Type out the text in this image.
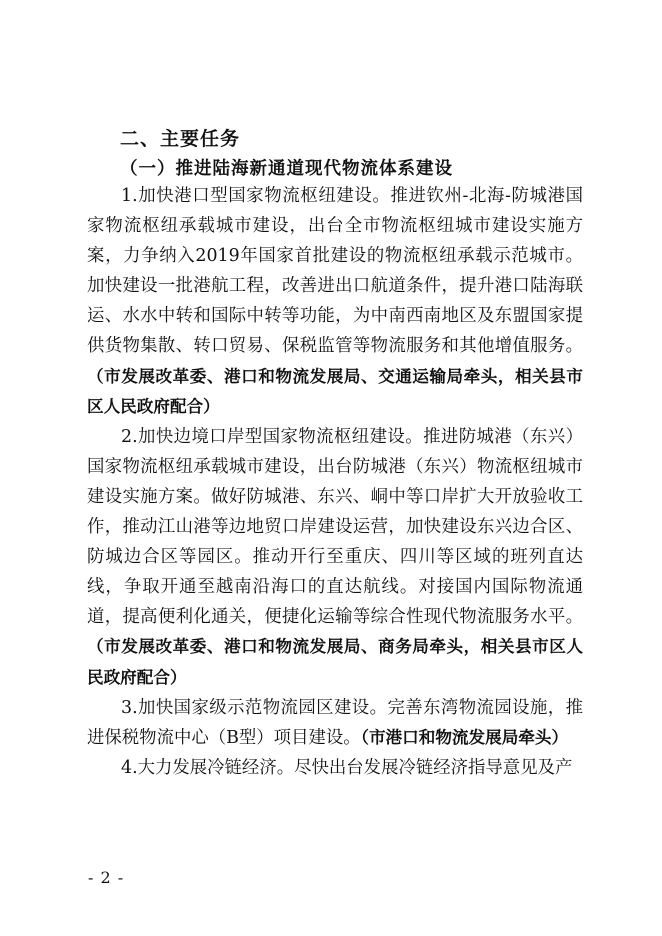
二、主要任务
（一）推进陆海新通道现代物流体系建设

1.加快港口型国家物流枢纽建设。推进钦州-北海-防城港国家物流枢纽承载城市建设，出台全市物流枢纽城市建设实施方案，力争纳入2019年国家首批建设的物流枢纽承载示范城市。加快建设一批港航工程，改善进出口航道条件，提升港口陆海联运、水水中转和国际中转等功能，为中南西南地区及东盟国家提供货物集散、转口贸易、保税监管等物流服务和其他增值服务。（市发展改革委、港口和物流发展局、交通运输局牵头，相关县市区人民政府配合）

2.加快边境口岸型国家物流枢纽建设。推进防城港（东兴）国家物流枢纽承载城市建设，出台防城港（东兴）物流枢纽城市建设实施方案。做好防城港、东兴、峒中等口岸扩大开放验收工作，推动江山港等边地贸口岸建设运营，加快建设东兴边合区、防城边合区等园区。推动开行至重庆、四川等区域的班列直达线，争取开通至越南沿海口的直达航线。对接国内国际物流通道，提高便利化通关，便捷化运输等综合性现代物流服务水平。（市发展改革委、港口和物流发展局、商务局牵头，相关县市区人民政府配合）

3.加快国家级示范物流园区建设。完善东湾物流园设施，推进保税物流中心（B型）项目建设。（市港口和物流发展局牵头）

4.大力发展冷链经济。尽快出台发展冷链经济指导意见及产

- 2 -
